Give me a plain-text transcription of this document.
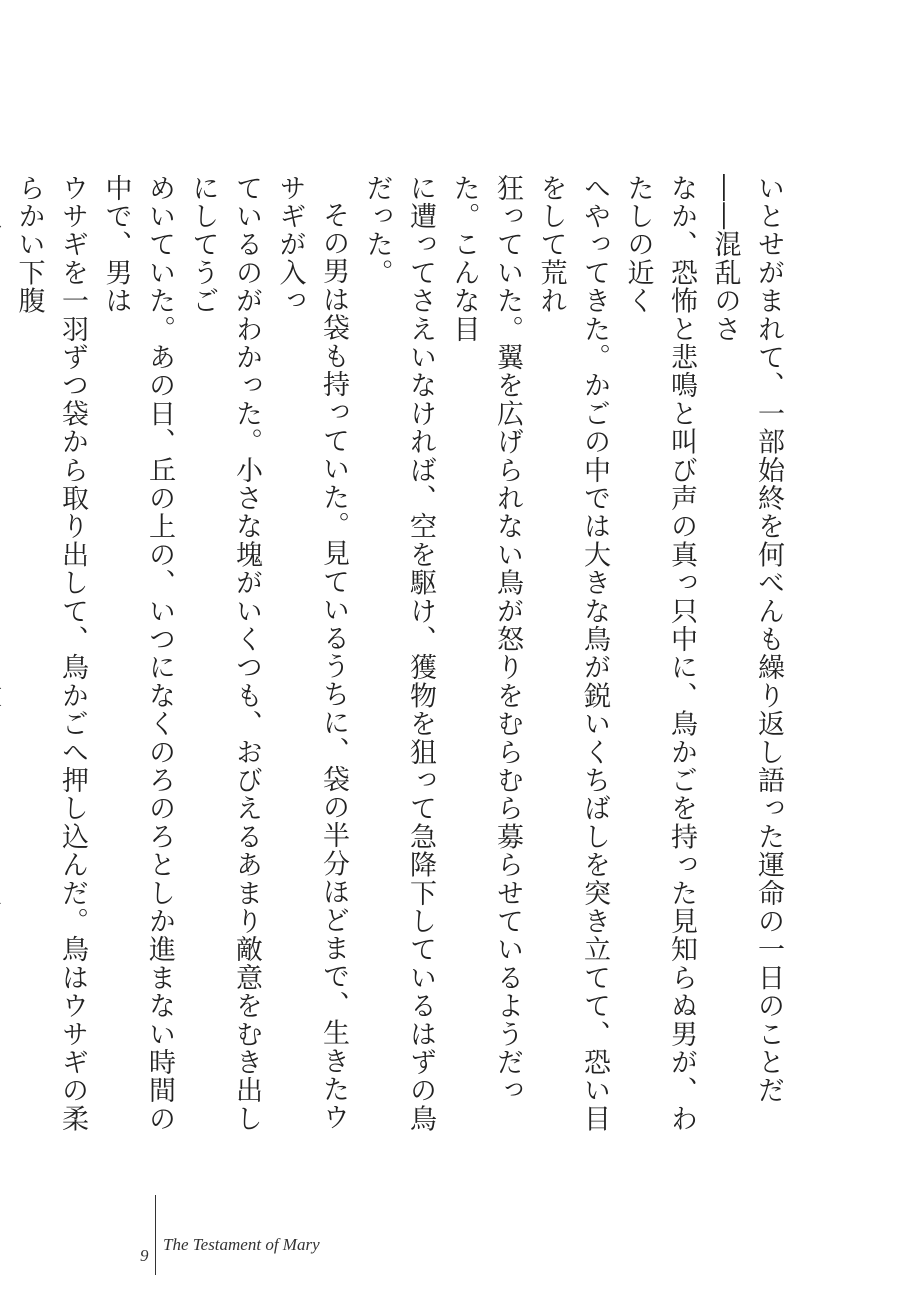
いとせがまれて、一部始終を何べんも繰り返し語った運命の一日のことだ――混乱のさ
なか、恐怖と悲鳴と叫び声の真っ只中に、鳥かごを持った見知らぬ男が、わたしの近く
へやってきた。かごの中では大きな鳥が鋭いくちばしを突き立てて、恐い目をして荒れ
狂っていた。翼を広げられない鳥が怒りをむらむら募らせているようだった。こんな目
に遭ってさえいなければ、空を駆け、獲物を狙って急降下しているはずの鳥だった。

その男は袋も持っていた。見ているうちに、袋の半分ほどまで、生きたウサギが入っ
ているのがわかった。小さな塊がいくつも、おびえるあまり敵意をむき出しにしてうご
めいていた。あの日、丘の上の、いつになくのろのろとしか進まない時間の中で、男は
ウサギを一羽ずつ袋から取り出して、鳥かごへ押し込んだ。鳥はウサギの柔らかい下腹

9
The Testament of Mary
